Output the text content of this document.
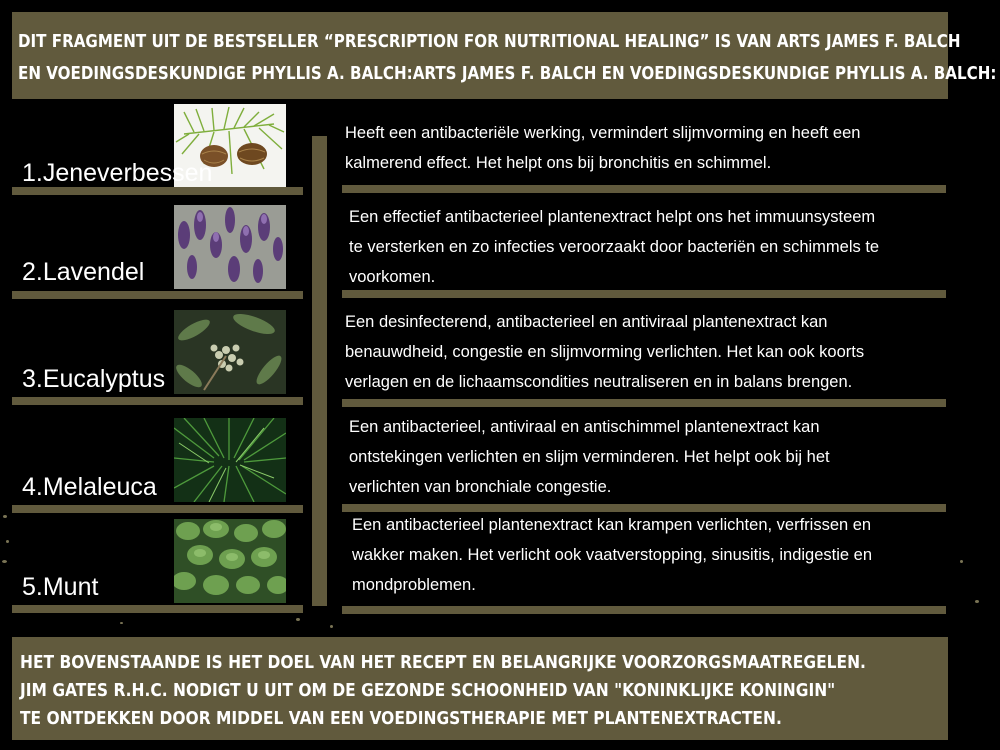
DIT FRAGMENT UIT DE BESTSELLER “PRESCRIPTION FOR NUTRITIONAL HEALING” IS VAN ARTS JAMES F. BALCH
EN VOEDINGSDESKUNDIGE PHYLLIS A. BALCH:ARTS JAMES F. BALCH EN VOEDINGSDESKUNDIGE PHYLLIS A. BALCH:
1.Jeneverbessen
Heeft een antibacteriële werking, vermindert slijmvorming en heeft een
kalmerend effect. Het helpt ons bij bronchitis en schimmel.
2.Lavendel
Een effectief antibacterieel plantenextract helpt ons het immuunsysteem
te versterken en zo infecties veroorzaakt door bacteriën en schimmels te
voorkomen.
3.Eucalyptus
Een desinfecterend, antibacterieel en antiviraal plantenextract kan
benauwdheid, congestie en slijmvorming verlichten. Het kan ook koorts
verlagen en de lichaamscondities neutraliseren en in balans brengen.
4.Melaleuca
Een antibacterieel, antiviraal en antischimmel plantenextract kan
ontstekingen verlichten en slijm verminderen. Het helpt ook bij het
verlichten van bronchiale congestie.
5.Munt
Een antibacterieel plantenextract kan krampen verlichten, verfrissen en
wakker maken. Het verlicht ook vaatverstopping, sinusitis, indigestie en
mondproblemen.
HET BOVENSTAANDE IS HET DOEL VAN HET RECEPT EN BELANGRIJKE VOORZORGSMAATREGELEN.
JIM GATES R.H.C. NODIGT U UIT OM DE GEZONDE SCHOONHEID VAN "KONINKLIJKE KONINGIN"
TE ONTDEKKEN DOOR MIDDEL VAN EEN VOEDINGSTHERAPIE MET PLANTENEXTRACTEN.
